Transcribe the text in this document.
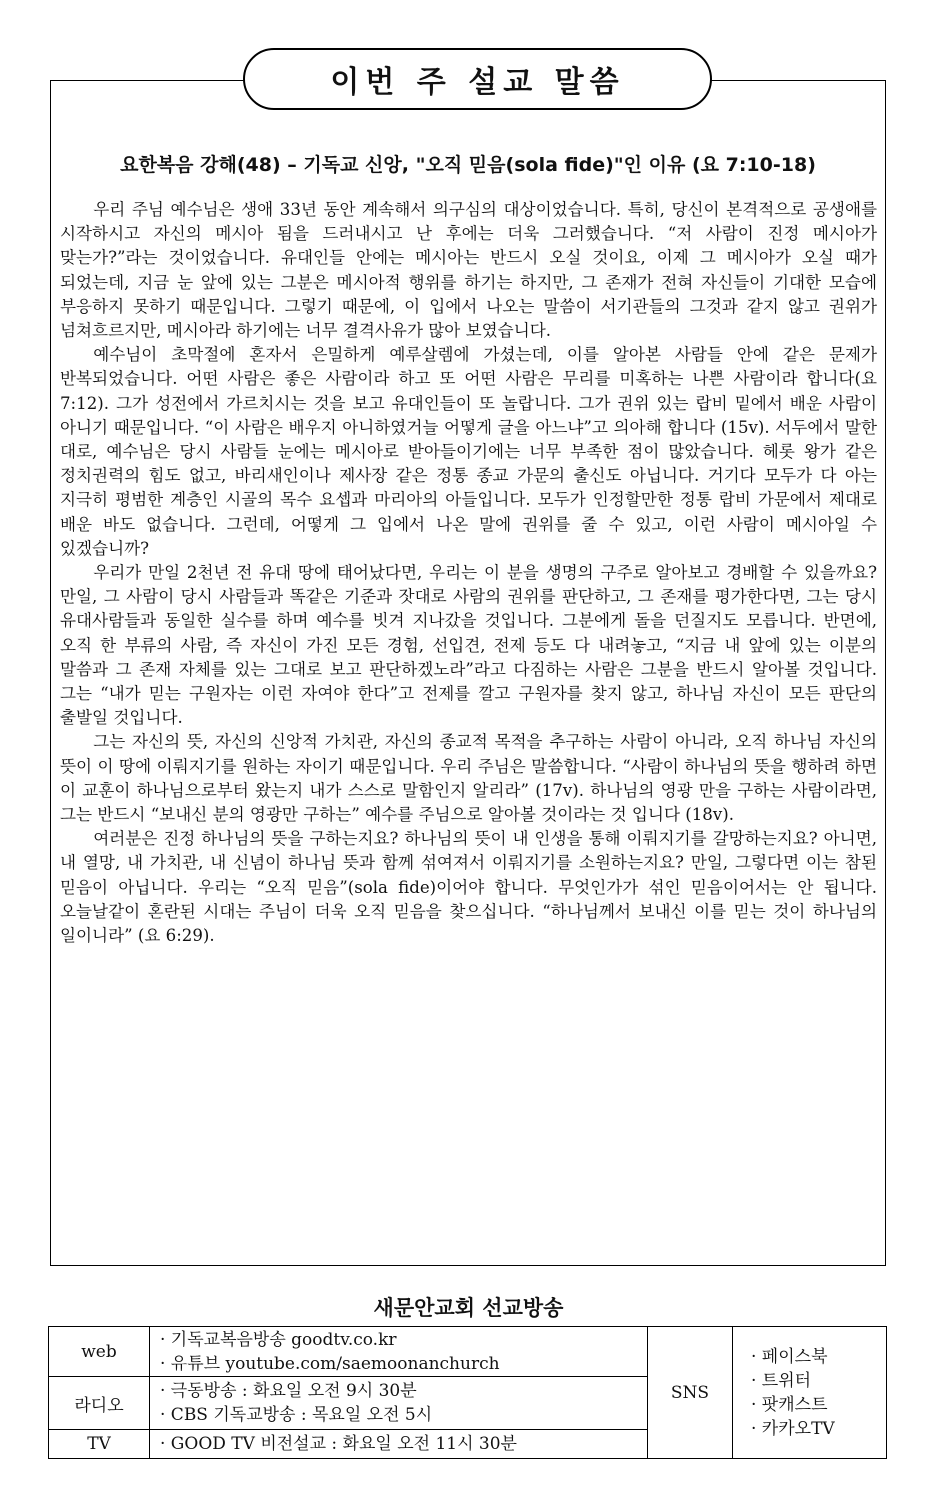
이번 주 설교 말씀
요한복음 강해(48) – 기독교 신앙, "오직 믿음(sola fide)"인 이유 (요 7:10-18)

우리 주님 예수님은 생애 33년 동안 계속해서 의구심의 대상이었습니다. 특히, 당신이 본격적으로 공생애를 시작하시고 자신의 메시아 됨을 드러내시고 난 후에는 더욱 그러했습니다. “저 사람이 진정 메시아가 맞는가?”라는 것이었습니다. 유대인들 안에는 메시아는 반드시 오실 것이요, 이제 그 메시아가 오실 때가 되었는데, 지금 눈 앞에 있는 그분은 메시아적 행위를 하기는 하지만, 그 존재가 전혀 자신들이 기대한 모습에 부응하지 못하기 때문입니다. 그렇기 때문에, 이 입에서 나오는 말씀이 서기관들의 그것과 같지 않고 권위가 넘쳐흐르지만, 메시아라 하기에는 너무 결격사유가 많아 보였습니다.

예수님이 초막절에 혼자서 은밀하게 예루살렘에 가셨는데, 이를 알아본 사람들 안에 같은 문제가 반복되었습니다. 어떤 사람은 좋은 사람이라 하고 또 어떤 사람은 무리를 미혹하는 나쁜 사람이라 합니다(요 7:12). 그가 성전에서 가르치시는 것을 보고 유대인들이 또 놀랍니다. 그가 권위 있는 랍비 밑에서 배운 사람이 아니기 때문입니다. “이 사람은 배우지 아니하였거늘 어떻게 글을 아느냐”고 의아해 합니다 (15v). 서두에서 말한 대로, 예수님은 당시 사람들 눈에는 메시아로 받아들이기에는 너무 부족한 점이 많았습니다. 헤롯 왕가 같은 정치권력의 힘도 없고, 바리새인이나 제사장 같은 정통 종교 가문의 출신도 아닙니다. 거기다 모두가 다 아는 지극히 평범한 계층인 시골의 목수 요셉과 마리아의 아들입니다. 모두가 인정할만한 정통 랍비 가문에서 제대로 배운 바도 없습니다. 그런데, 어떻게 그 입에서 나온 말에 권위를 줄 수 있고, 이런 사람이 메시아일 수 있겠습니까?

우리가 만일 2천년 전 유대 땅에 태어났다면, 우리는 이 분을 생명의 구주로 알아보고 경배할 수 있을까요? 만일, 그 사람이 당시 사람들과 똑같은 기준과 잣대로 사람의 권위를 판단하고, 그 존재를 평가한다면, 그는 당시 유대사람들과 동일한 실수를 하며 예수를 빗겨 지나갔을 것입니다. 그분에게 돌을 던질지도 모릅니다. 반면에, 오직 한 부류의 사람, 즉 자신이 가진 모든 경험, 선입견, 전제 등도 다 내려놓고, “지금 내 앞에 있는 이분의 말씀과 그 존재 자체를 있는 그대로 보고 판단하겠노라”라고 다짐하는 사람은 그분을 반드시 알아볼 것입니다. 그는 “내가 믿는 구원자는 이런 자여야 한다”고 전제를 깔고 구원자를 찾지 않고, 하나님 자신이 모든 판단의 출발일 것입니다.

그는 자신의 뜻, 자신의 신앙적 가치관, 자신의 종교적 목적을 추구하는 사람이 아니라, 오직 하나님 자신의 뜻이 이 땅에 이뤄지기를 원하는 자이기 때문입니다. 우리 주님은 말씀합니다. “사람이 하나님의 뜻을 행하려 하면 이 교훈이 하나님으로부터 왔는지 내가 스스로 말함인지 알리라” (17v). 하나님의 영광 만을 구하는 사람이라면, 그는 반드시 “보내신 분의 영광만 구하는” 예수를 주님으로 알아볼 것이라는 것 입니다 (18v).

여러분은 진정 하나님의 뜻을 구하는지요? 하나님의 뜻이 내 인생을 통해 이뤄지기를 갈망하는지요? 아니면, 내 열망, 내 가치관, 내 신념이 하나님 뜻과 함께 섞여져서 이뤄지기를 소원하는지요? 만일, 그렇다면 이는 참된 믿음이 아닙니다. 우리는 “오직 믿음”(sola fide)이어야 합니다. 무엇인가가 섞인 믿음이어서는 안 됩니다. 오늘날같이 혼란된 시대는 주님이 더욱 오직 믿음을 찾으십니다. “하나님께서 보내신 이를 믿는 것이 하나님의 일이니라” (요 6:29).

새문안교회 선교방송
web	· 기독교복음방송 goodtv.co.kr
· 유튜브 youtube.com/saemoonanchurch	SNS	· 페이스북
· 트위터
· 팟캐스트
· 카카오TV

라디오	· 극동방송 : 화요일 오전 9시 30분
· CBS 기독교방송 : 목요일 오전 5시		

TV	· GOOD TV 비전설교 : 화요일 오전 11시 30분		
